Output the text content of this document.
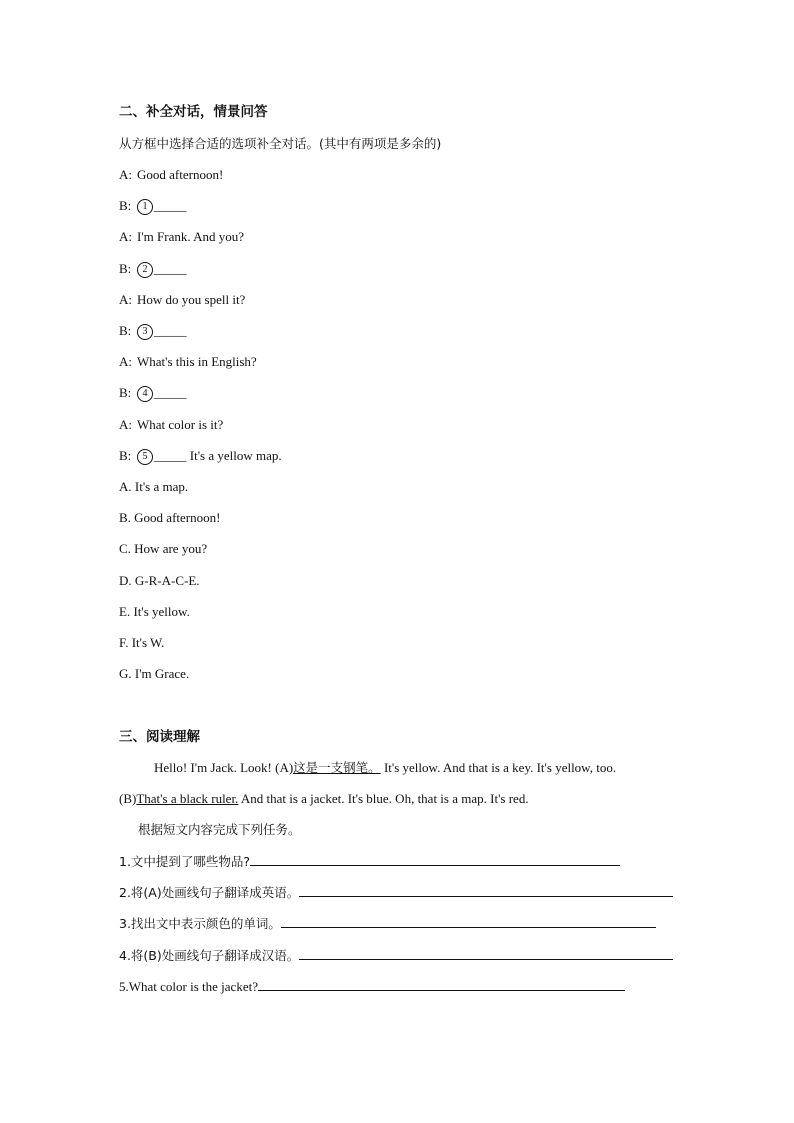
二、补全对话，情景问答
从方框中选择合适的选项补全对话。(其中有两项是多余的)
A: Good afternoon!
B: 1 _____
A: I'm Frank. And you?
B: 2 _____
A: How do you spell it?
B: 3 _____
A: What's this in English?
B: 4 _____
A: What color is it?
B: 5 _____ It's a yellow map.
A. It's a map.
B. Good afternoon!
C. How are you?
D. G-R-A-C-E.
E. It's yellow.
F. It's W.
G. I'm Grace.
三、阅读理解
Hello! I'm Jack. Look! (A)这是一支钢笔。 It's yellow. And that is a key. It's yellow, too.
(B)That's a black ruler. And that is a jacket. It's blue. Oh, that is a map. It's red.
根据短文内容完成下列任务。
1.文中提到了哪些物品?
2.将(A)处画线句子翻译成英语。
3.找出文中表示颜色的单词。
4.将(B)处画线句子翻译成汉语。
5.What color is the jacket?
